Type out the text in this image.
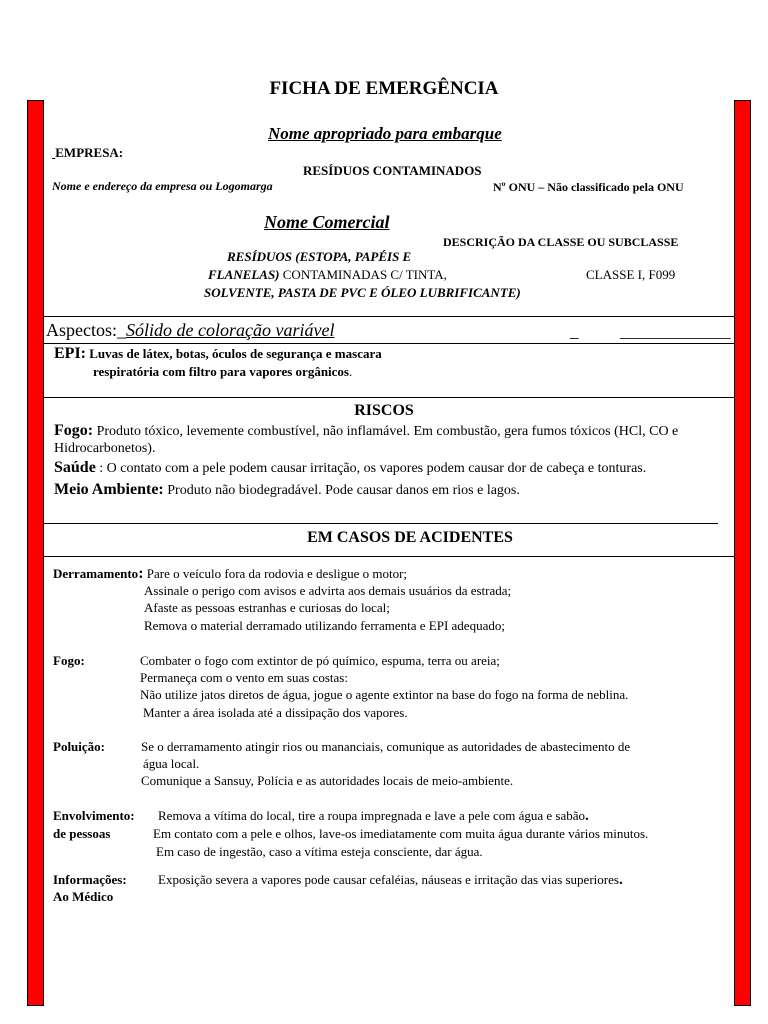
FICHA DE EMERGÊNCIA
Nome apropriado para embarque
EMPRESA:
RESÍDUOS CONTAMINADOS
Nome e endereço da empresa ou Logomarga	Nº ONU – Não classificado pela ONU
Nome Comercial
DESCRIÇÃO DA CLASSE OU SUBCLASSE
RESÍDUOS (ESTOPA, PAPÉIS E
FLANELAS) CONTAMINADAS C/ TINTA,	CLASSE I, F099
SOLVENTE, PASTA DE PVC E ÓLEO LUBRIFICANTE)
Aspectos:_Sólido de coloração variável	_ _____________
EPI: Luvas de látex, botas, óculos de segurança e mascara
respiratória com filtro para vapores orgânicos.
RISCOS
Fogo: Produto tóxico, levemente combustível, não inflamável. Em combustão, gera fumos tóxicos (HCl, CO e
Hidrocarbonetos).
Saúde : O contato com a pele podem causar irritação, os vapores podem causar dor de cabeça e tonturas.
Meio Ambiente: Produto não biodegradável. Pode causar danos em rios e lagos.
EM CASOS DE ACIDENTES
Derramamento: Pare o veículo fora da rodovia e desligue o motor;
Assinale o perigo com avisos e advirta aos demais usuários da estrada;
Afaste as pessoas estranhas e curiosas do local;
Remova o material derramado utilizando ferramenta e EPI adequado;
Fogo:	Combater o fogo com extintor de pó químico, espuma, terra ou areia;
Permaneça com o vento em suas costas:
Não utilize jatos diretos de água, jogue o agente extintor na base do fogo na forma de neblina.
Manter a área isolada até a dissipação dos vapores.
Poluição:	Se o derramamento atingir rios ou mananciais, comunique as autoridades de abastecimento de
água local.
Comunique a Sansuy, Polícia e as autoridades locais de meio-ambiente.
Envolvimento: Remova a vítima do local, tire a roupa impregnada e lave a pele com água e sabão.
de pessoas	Em contato com a pele e olhos, lave-os imediatamente com muita água durante vários minutos.
Em caso de ingestão, caso a vítima esteja consciente, dar água.
Informações: Exposição severa a vapores pode causar cefaléias, náuseas e irritação das vias superiores.
Ao Médico
